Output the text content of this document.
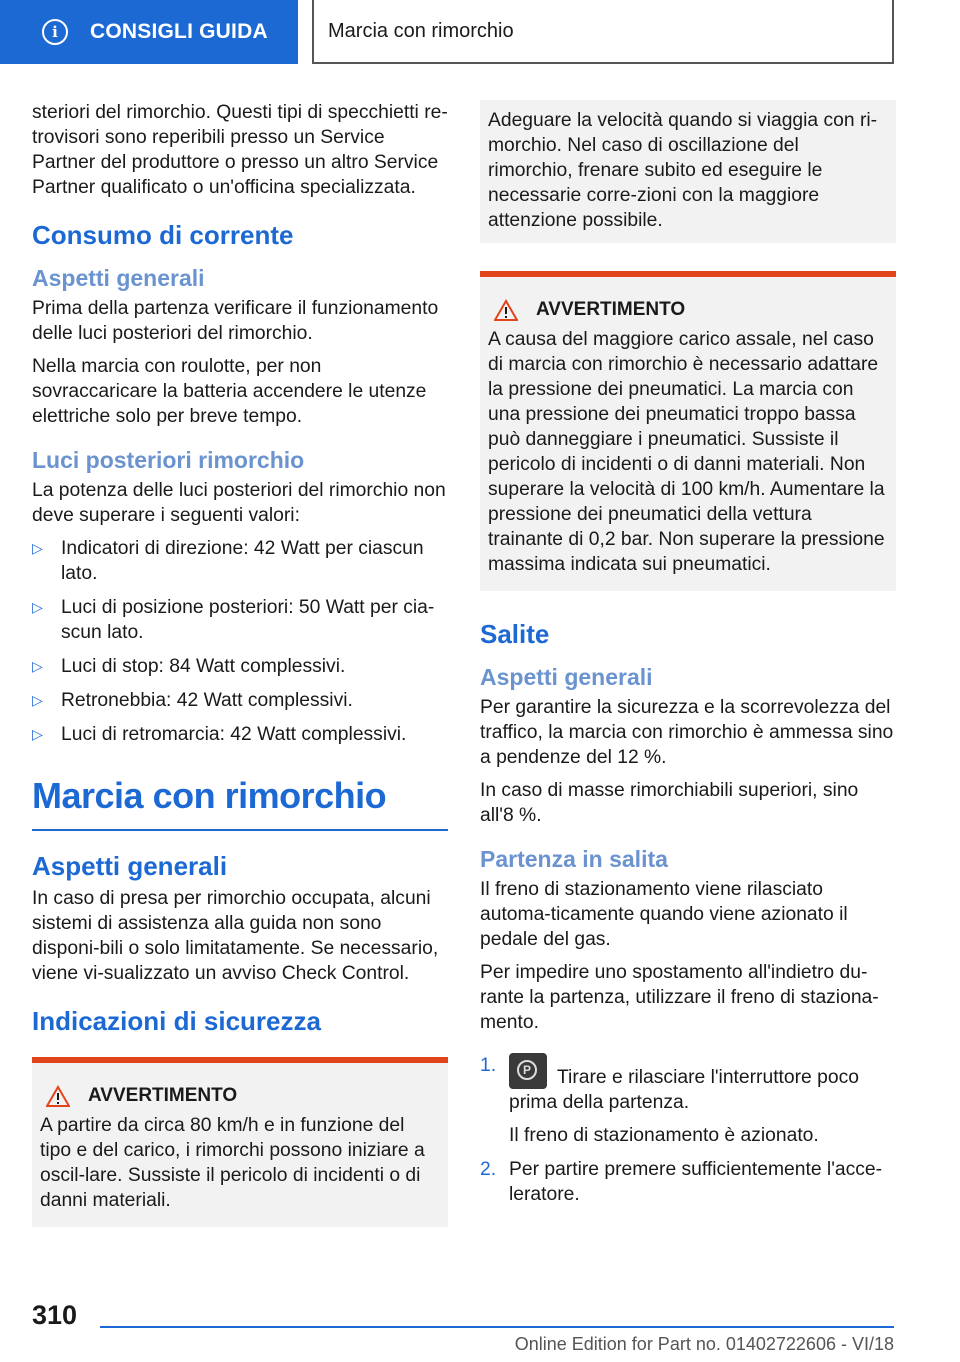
i	CONSIGLI GUIDA	Marcia con rimorchio

steriori del rimorchio. Questi tipi di specchietti re-trovisori sono reperibili presso un Service Partner del produttore o presso un altro Service Partner qualificato o un'officina specializzata.

Consumo di corrente
Aspetti generali

Prima della partenza verificare il funzionamento delle luci posteriori del rimorchio.

Nella marcia con roulotte, per non sovraccaricare la batteria accendere le utenze elettriche solo per breve tempo.

Luci posteriori rimorchio

La potenza delle luci posteriori del rimorchio non deve superare i seguenti valori:

▷ Indicatori di direzione: 42 Watt per ciascun lato.
▷ Luci di posizione posteriori: 50 Watt per cia-scun lato.
▷ Luci di stop: 84 Watt complessivi.
▷ Retronebbia: 42 Watt complessivi.
▷ Luci di retromarcia: 42 Watt complessivi.
Marcia con rimorchio
Aspetti generali

In caso di presa per rimorchio occupata, alcuni sistemi di assistenza alla guida non sono disponi-bili o solo limitatamente. Se necessario, viene vi-sualizzato un avviso Check Control.

Indicazioni di sicurezza
AVVERTIMENTO

A partire da circa 80 km/h e in funzione del tipo e del carico, i rimorchi possono iniziare a oscil-lare. Sussiste il pericolo di incidenti o di danni materiali.

Adeguare la velocità quando si viaggia con ri-morchio. Nel caso di oscillazione del rimorchio, frenare subito ed eseguire le necessarie corre-zioni con la maggiore attenzione possibile.

AVVERTIMENTO

A causa del maggiore carico assale, nel caso di marcia con rimorchio è necessario adattare la pressione dei pneumatici. La marcia con una pressione dei pneumatici troppo bassa può danneggiare i pneumatici. Sussiste il pericolo di incidenti o di danni materiali. Non superare la velocità di 100 km/h. Aumentare la pressione dei pneumatici della vettura trainante di 0,2 bar. Non superare la pressione massima indicata sui pneumatici.

Salite
Aspetti generali

Per garantire la sicurezza e la scorrevolezza del traffico, la marcia con rimorchio è ammessa sino a pendenze del 12 %.

In caso di masse rimorchiabili superiori, sino all'8 %.

Partenza in salita

Il freno di stazionamento viene rilasciato automa-ticamente quando viene azionato il pedale del gas.

Per impedire uno spostamento all'indietro du-rante la partenza, utilizzare il freno di staziona-mento.

1.	P	Tirare e rilasciare l'interruttore poco prima della partenza.
Il freno di stazionamento è azionato.
2. Per partire premere sufficientemente l'acce-leratore.
310
Online Edition for Part no. 01402722606 - VI/18
